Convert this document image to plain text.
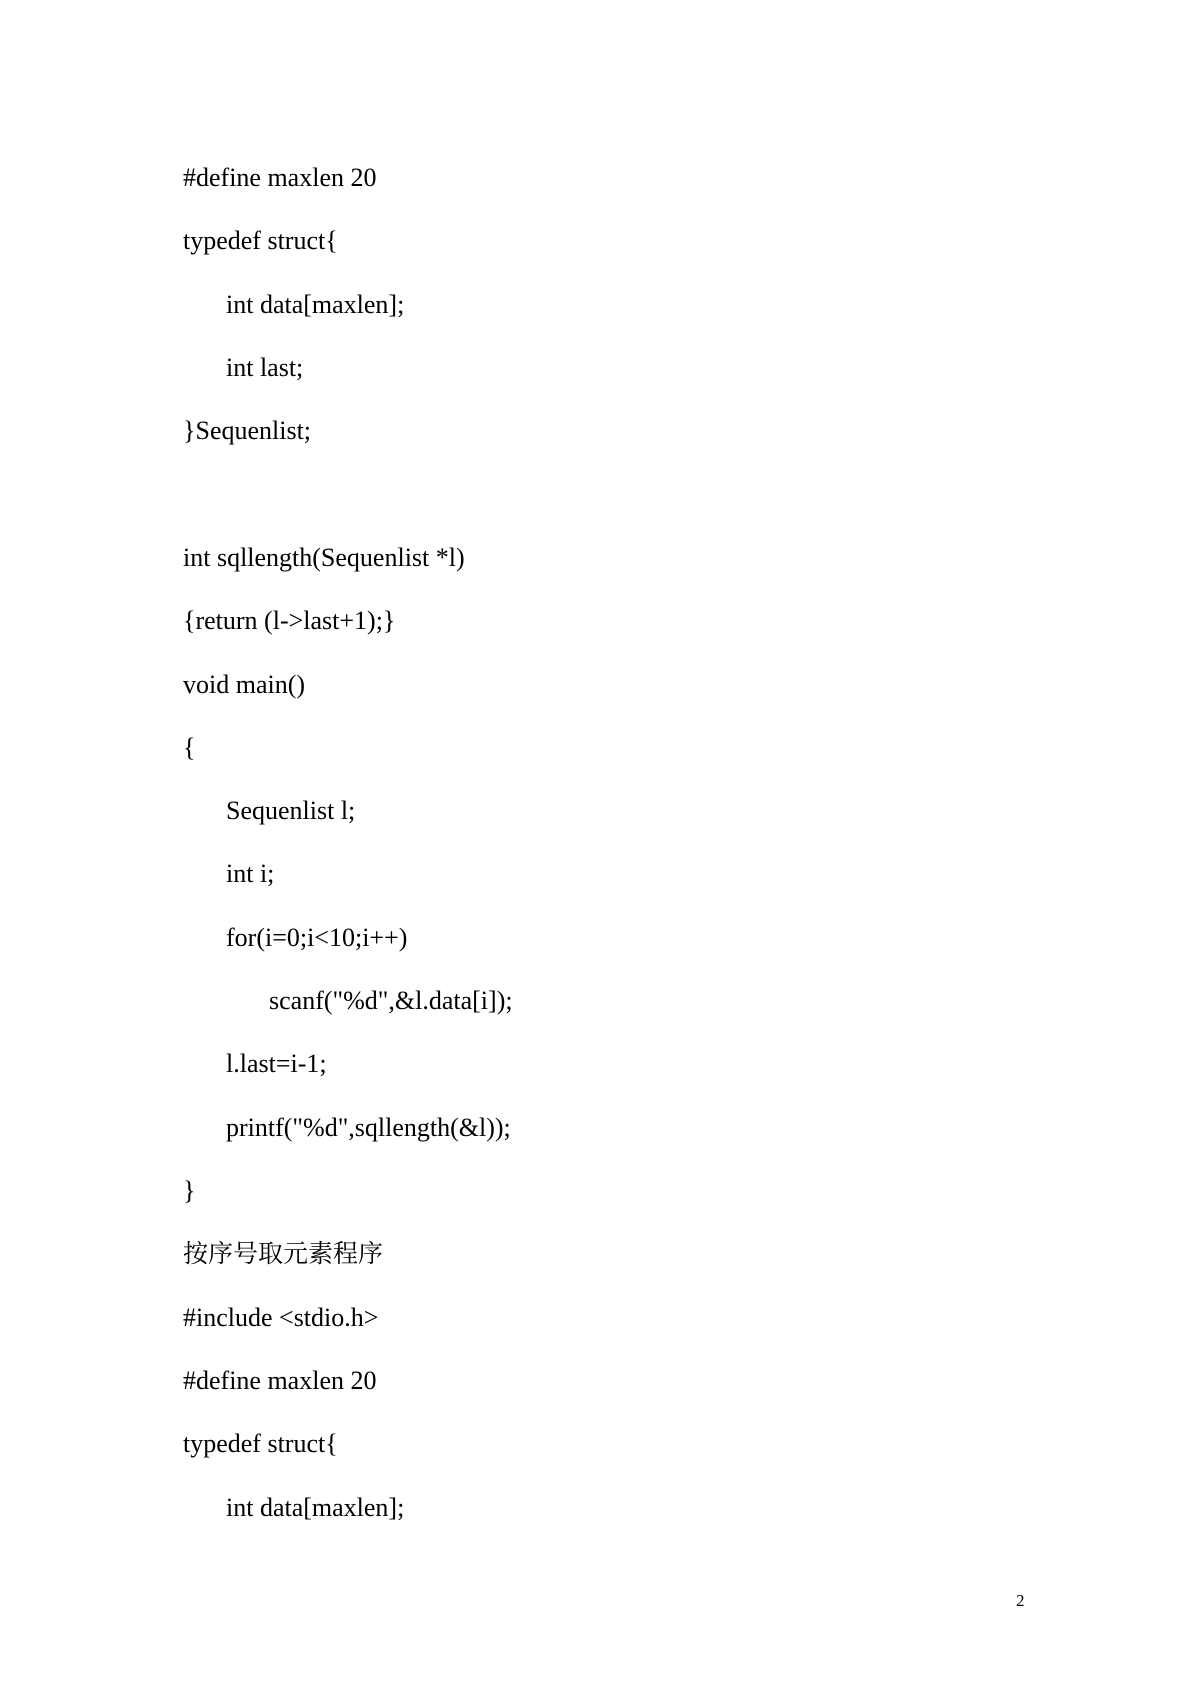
#define maxlen 20
typedef struct{
int data[maxlen];
int last;
}Sequenlist;
int sqllength(Sequenlist *l)
{return (l->last+1);}
void main()
{
Sequenlist l;
int i;
for(i=0;i<10;i++)
scanf("%d",&l.data[i]);
l.last=i-1;
printf("%d",sqllength(&l));
}
按序号取元素程序
#include <stdio.h>
#define maxlen 20
typedef struct{
int data[maxlen];
2
